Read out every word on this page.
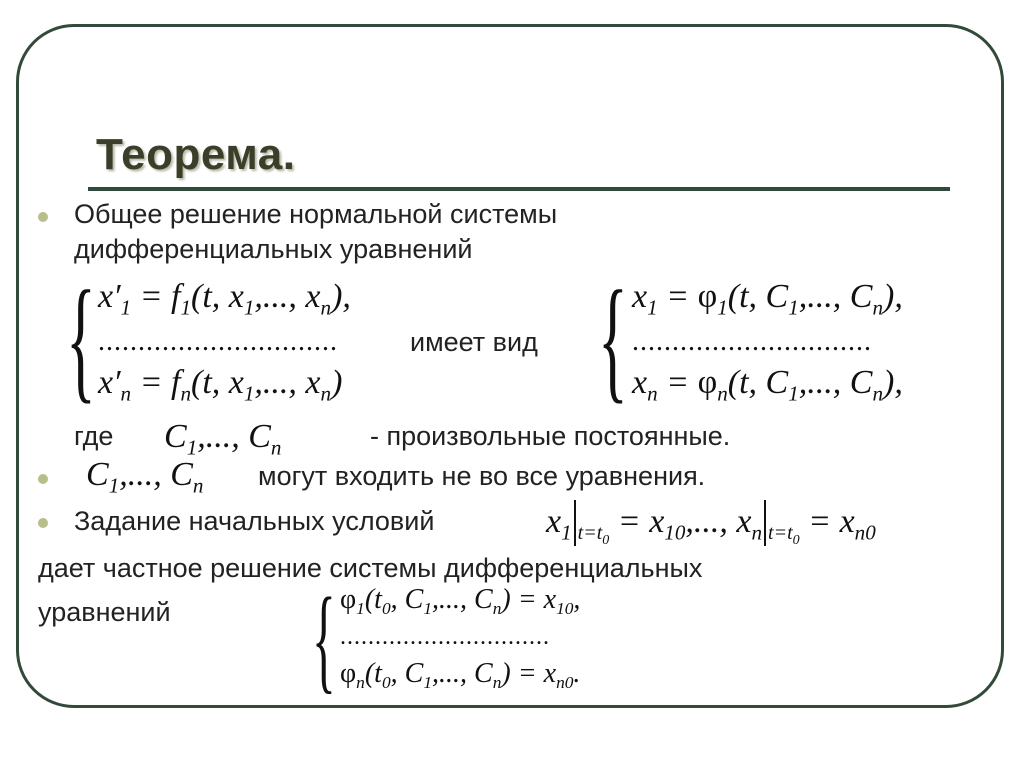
Теорема.
Общее решение нормальной системы
дифференциальных уравнений
{ $x'_1 = f_1(t$, $x_1$,..., $x_n$),
..............................	имеет вид
$x'_n = f_n(t$, $x_1$,..., $x_n$) { $x_1 = \varphi_1(t$, $C_1$,..., $C_n$),
..............................
$x_n = \varphi_n(t$, $C_1$,..., $C_n$),
где $C_1$,..., $C_n$	- произвольные постоянные.
$C_1$,..., $C_n$ могут входить не во все уравнения.
Задание начальных условий	$x_1$ $_{t=t_0} = x_{10}$,..., $x_n$ $_{t=t_0} = x_{n0}$
дает частное решение системы дифференциальных
уравнений { $\varphi_1(t_0$, $C_1$,..., $C_n) = x_{10}$,
..............................
$\varphi_n(t_0$, $C_1$,..., $C_n) = x_{n0}$.
